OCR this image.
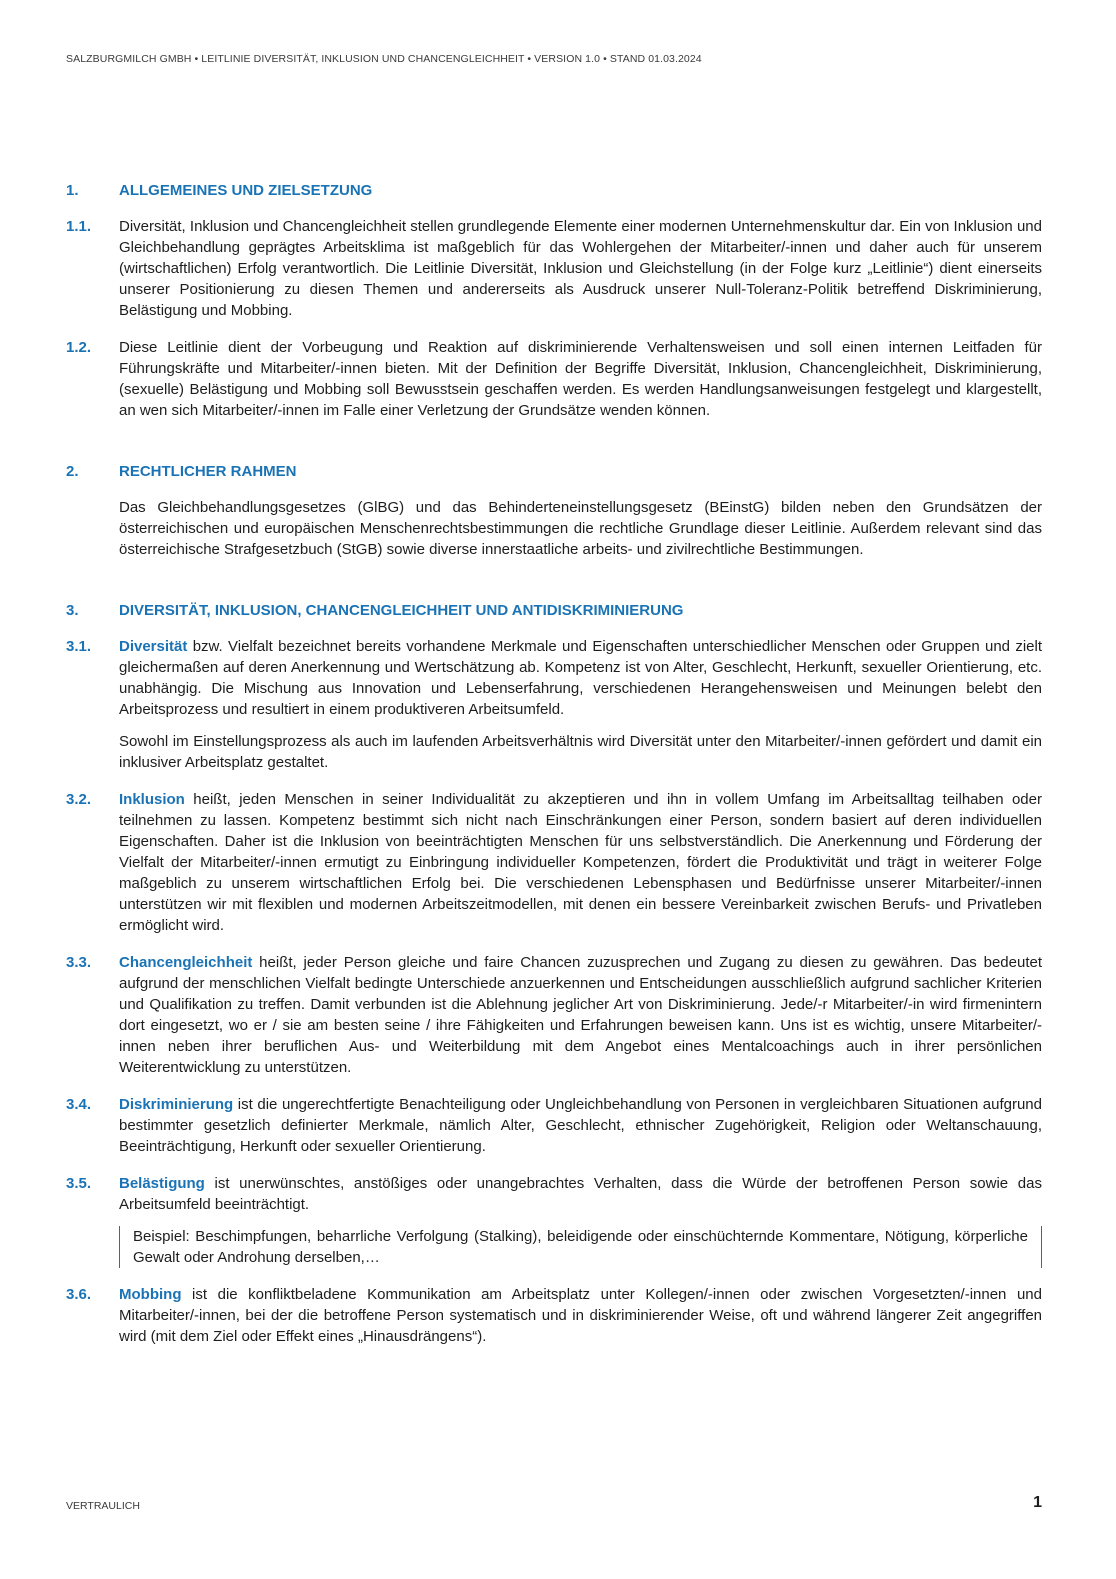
SALZBURGMILCH GMBH • LEITLINIE DIVERSITÄT, INKLUSION UND CHANCENGLEICHHEIT • VERSION 1.0 • STAND 01.03.2024
1.	ALLGEMEINES UND ZIELSETZUNG
1.1.	Diversität, Inklusion und Chancengleichheit stellen grundlegende Elemente einer modernen Unternehmenskultur dar. Ein von Inklusion und Gleichbehandlung geprägtes Arbeitsklima ist maßgeblich für das Wohlergehen der Mitarbeiter/-innen und daher auch für unserem (wirtschaftlichen) Erfolg verantwortlich. Die Leitlinie Diversität, Inklusion und Gleichstellung (in der Folge kurz „Leitlinie“) dient einerseits unserer Positionierung zu diesen Themen und andererseits als Ausdruck unserer Null-Toleranz-Politik betreffend Diskriminierung, Belästigung und Mobbing.

1.2.	Diese Leitlinie dient der Vorbeugung und Reaktion auf diskriminierende Verhaltensweisen und soll einen internen Leitfaden für Führungskräfte und Mitarbeiter/-innen bieten. Mit der Definition der Begriffe Diversität, Inklusion, Chancengleichheit, Diskriminierung, (sexuelle) Belästigung und Mobbing soll Bewusstsein geschaffen werden. Es werden Handlungsanweisungen festgelegt und klargestellt, an wen sich Mitarbeiter/-innen im Falle einer Verletzung der Grundsätze wenden können.

2.	RECHTLICHER RAHMEN

Das Gleichbehandlungsgesetzes (GlBG) und das Behinderteneinstellungsgesetz (BEinstG) bilden neben den Grundsätzen der österreichischen und europäischen Menschenrechtsbestimmungen die rechtliche Grundlage dieser Leitlinie. Außerdem relevant sind das österreichische Strafgesetzbuch (StGB) sowie diverse innerstaatliche arbeits- und zivilrechtliche Bestimmungen.

3.	DIVERSITÄT, INKLUSION, CHANCENGLEICHHEIT UND ANTIDISKRIMINIERUNG
3.1.	Diversität bzw. Vielfalt bezeichnet bereits vorhandene Merkmale und Eigenschaften unterschiedlicher Menschen oder Gruppen und zielt gleichermaßen auf deren Anerkennung und Wertschätzung ab. Kompetenz ist von Alter, Geschlecht, Herkunft, sexueller Orientierung, etc. unabhängig. Die Mischung aus Innovation und Lebenserfahrung, verschiedenen Herangehensweisen und Meinungen belebt den Arbeitsprozess und resultiert in einem produktiveren Arbeitsumfeld.

Sowohl im Einstellungsprozess als auch im laufenden Arbeitsverhältnis wird Diversität unter den Mitarbeiter/-innen gefördert und damit ein inklusiver Arbeitsplatz gestaltet.

3.2.	Inklusion heißt, jeden Menschen in seiner Individualität zu akzeptieren und ihn in vollem Umfang im Arbeitsalltag teilhaben oder teilnehmen zu lassen. Kompetenz bestimmt sich nicht nach Einschränkungen einer Person, sondern basiert auf deren individuellen Eigenschaften. Daher ist die Inklusion von beeinträchtigten Menschen für uns selbstverständlich. Die Anerkennung und Förderung der Vielfalt der Mitarbeiter/-innen ermutigt zu Einbringung individueller Kompetenzen, fördert die Produktivität und trägt in weiterer Folge maßgeblich zu unserem wirtschaftlichen Erfolg bei. Die verschiedenen Lebensphasen und Bedürfnisse unserer Mitarbeiter/-innen unterstützen wir mit flexiblen und modernen Arbeitszeitmodellen, mit denen ein bessere Vereinbarkeit zwischen Berufs- und Privatleben ermöglicht wird.

3.3.	Chancengleichheit heißt, jeder Person gleiche und faire Chancen zuzusprechen und Zugang zu diesen zu gewähren. Das bedeutet aufgrund der menschlichen Vielfalt bedingte Unterschiede anzuerkennen und Entscheidungen ausschließlich aufgrund sachlicher Kriterien und Qualifikation zu treffen. Damit verbunden ist die Ablehnung jeglicher Art von Diskriminierung. Jede/-r Mitarbeiter/-in wird firmenintern dort eingesetzt, wo er / sie am besten seine / ihre Fähigkeiten und Erfahrungen beweisen kann. Uns ist es wichtig, unsere Mitarbeiter/-innen neben ihrer beruflichen Aus- und Weiterbildung mit dem Angebot eines Mentalcoachings auch in ihrer persönlichen Weiterentwicklung zu unterstützen.

3.4.	Diskriminierung ist die ungerechtfertigte Benachteiligung oder Ungleichbehandlung von Personen in vergleichbaren Situationen aufgrund bestimmter gesetzlich definierter Merkmale, nämlich Alter, Geschlecht, ethnischer Zugehörigkeit, Religion oder Weltanschauung, Beeinträchtigung, Herkunft oder sexueller Orientierung.

3.5.	Belästigung ist unerwünschtes, anstößiges oder unangebrachtes Verhalten, dass die Würde der betroffenen Person sowie das Arbeitsumfeld beeinträchtigt.

Beispiel: Beschimpfungen, beharrliche Verfolgung (Stalking), beleidigende oder einschüchternde Kommentare, Nötigung, körperliche Gewalt oder Androhung derselben,…
3.6.	Mobbing ist die konfliktbeladene Kommunikation am Arbeitsplatz unter Kollegen/-innen oder zwischen Vorgesetzten/-innen und Mitarbeiter/-innen, bei der die betroffene Person systematisch und in diskriminierender Weise, oft und während längerer Zeit angegriffen wird (mit dem Ziel oder Effekt eines „Hinausdrängens“).

VERTRAULICH	1
